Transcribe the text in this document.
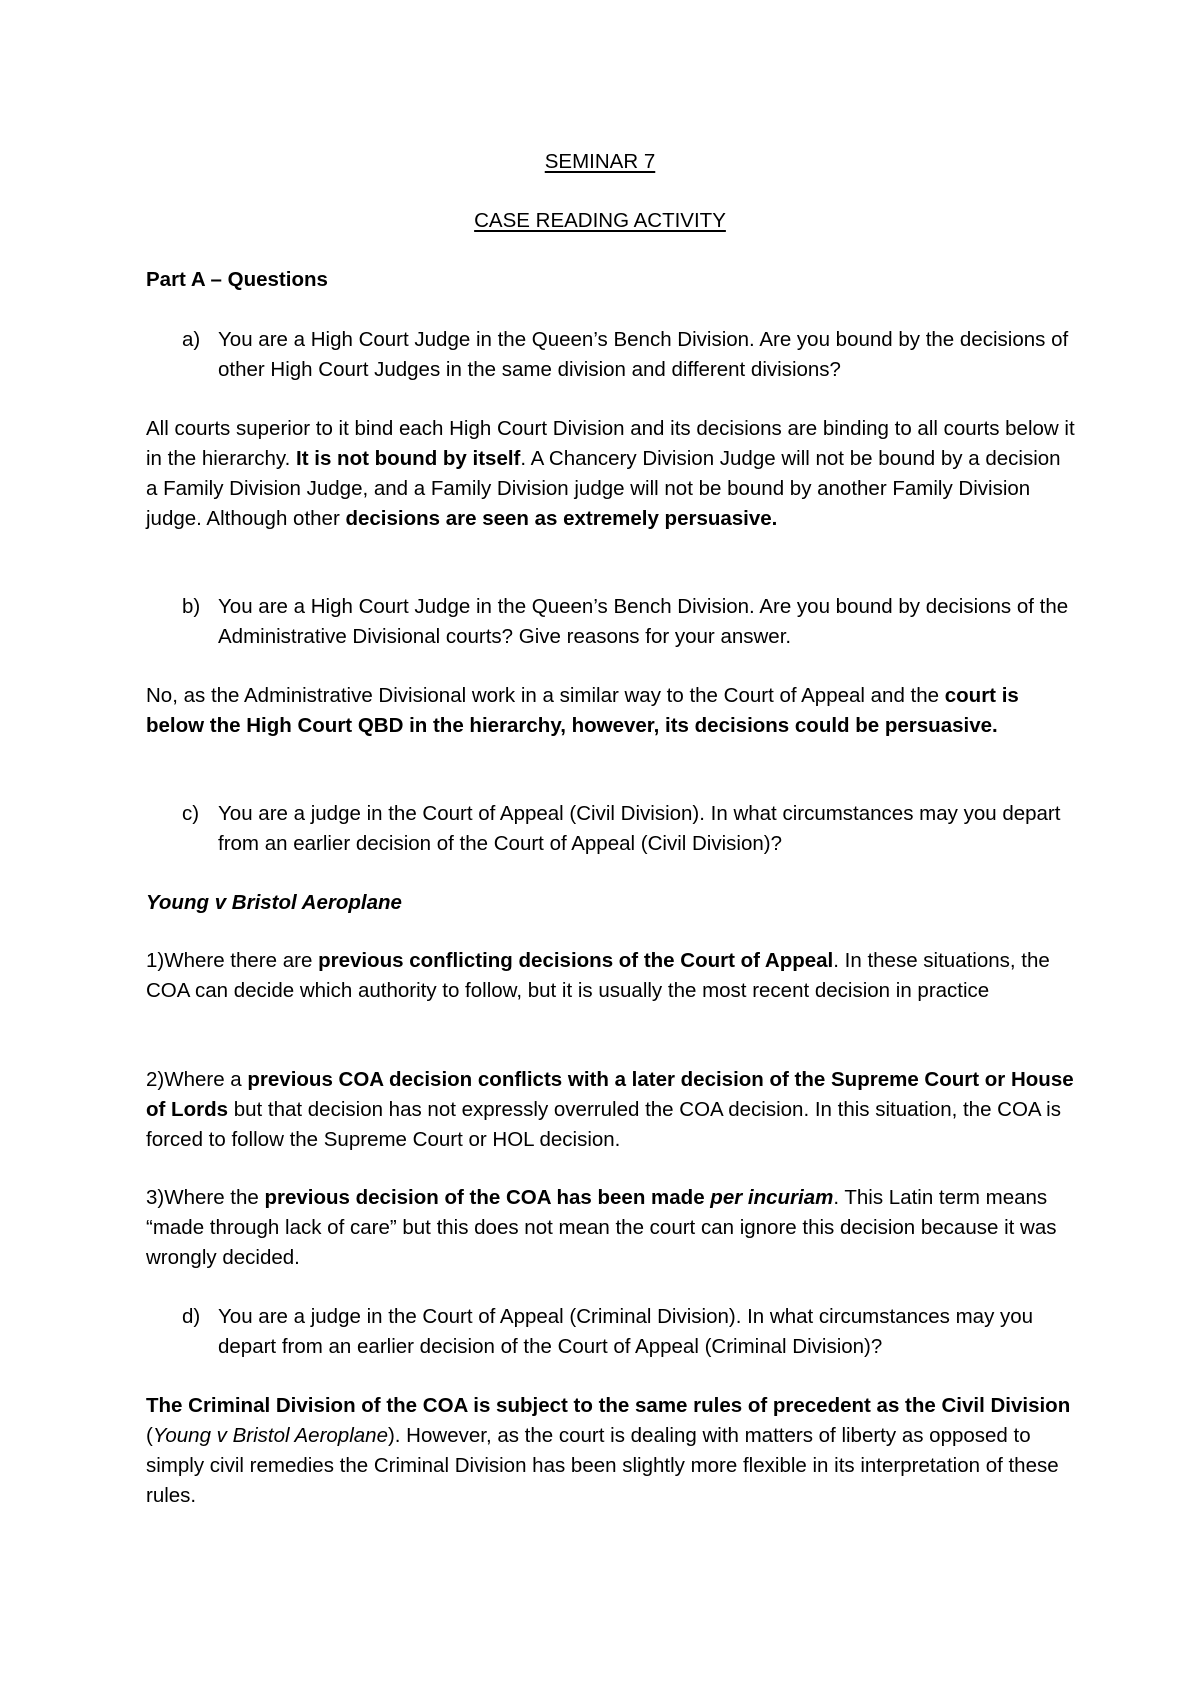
SEMINAR 7
CASE READING ACTIVITY

Part A – Questions

a) You are a High Court Judge in the Queen’s Bench Division. Are you bound by the decisions of other High Court Judges in the same division and different divisions?

All courts superior to it bind each High Court Division and its decisions are binding to all courts below it in the hierarchy. It is not bound by itself. A Chancery Division Judge will not be bound by a decision a Family Division Judge, and a Family Division judge will not be bound by another Family Division judge. Although other decisions are seen as extremely persuasive.

b) You are a High Court Judge in the Queen’s Bench Division. Are you bound by decisions of the Administrative Divisional courts? Give reasons for your answer.

No, as the Administrative Divisional work in a similar way to the Court of Appeal and the court is below the High Court QBD in the hierarchy, however, its decisions could be persuasive.

c) You are a judge in the Court of Appeal (Civil Division). In what circumstances may you depart from an earlier decision of the Court of Appeal (Civil Division)?

Young v Bristol Aeroplane

1)Where there are previous conflicting decisions of the Court of Appeal. In these situations, the COA can decide which authority to follow, but it is usually the most recent decision in practice

2)Where a previous COA decision conflicts with a later decision of the Supreme Court or House of Lords but that decision has not expressly overruled the COA decision. In this situation, the COA is forced to follow the Supreme Court or HOL decision.

3)Where the previous decision of the COA has been made per incuriam. This Latin term means “made through lack of care” but this does not mean the court can ignore this decision because it was wrongly decided.

d) You are a judge in the Court of Appeal (Criminal Division). In what circumstances may you depart from an earlier decision of the Court of Appeal (Criminal Division)?

The Criminal Division of the COA is subject to the same rules of precedent as the Civil Division (Young v Bristol Aeroplane). However, as the court is dealing with matters of liberty as opposed to simply civil remedies the Criminal Division has been slightly more flexible in its interpretation of these rules.
